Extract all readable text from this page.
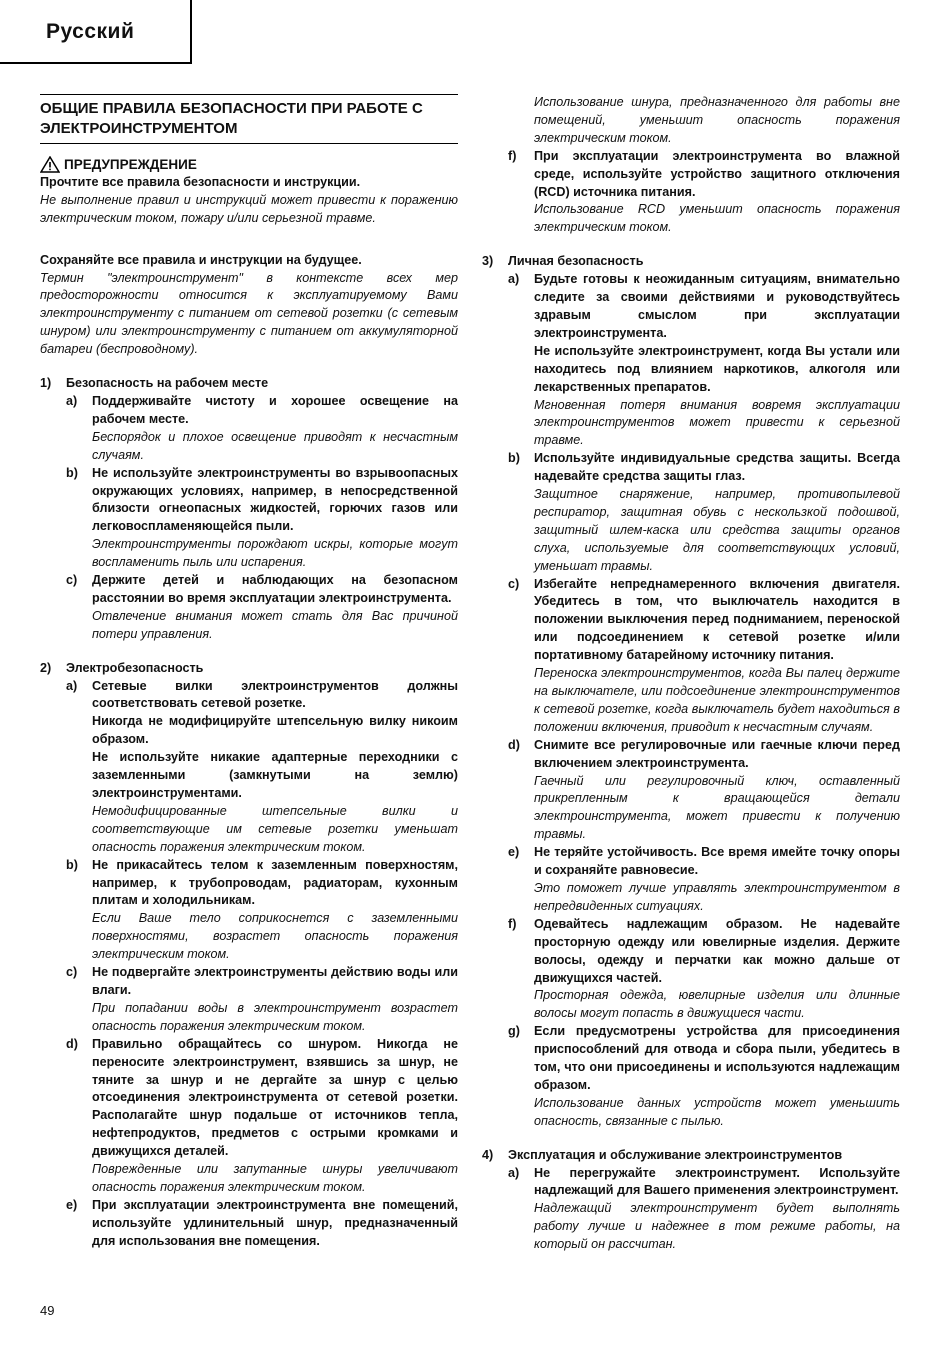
Русский
ОБЩИЕ ПРАВИЛА БЕЗОПАСНОСТИ ПРИ РАБОТЕ С ЭЛЕКТРОИНСТРУМЕНТОМ
ПРЕДУПРЕЖДЕНИЕ

Прочтите все правила безопасности и инструкции.

Не выполнение правил и инструкций может привести к поражению электрическим током, пожару и/или серьезной травме.

Сохраняйте все правила и инструкции на будущее.

Термин "электроинструмент" в контексте всех мер предосторожности относится к эксплуатируемому Вами электроинструменту с питанием от сетевой розетки (с сетевым шнуром) или электроинструменту с питанием от аккумуляторной батареи (беспроводному).

1)	Безопасность на рабочем месте
a)	Поддерживайте чистоту и хорошее освещение на рабочем месте.

Беспорядок и плохое освещение приводят к несчастным случаям.

b)	Не используйте электроинструменты во взрывоопасных окружающих условиях, например, в непосредственной близости огнеопасных жидкостей, горючих газов или легковоспламеняющейся пыли.

Электроинструменты порождают искры, которые могут воспламенить пыль или испарения.

c)	Держите детей и наблюдающих на безопасном расстоянии во время эксплуатации электроинструмента.

Отвлечение внимания может стать для Вас причиной потери управления.

2)	Электробезопасность
a)	Сетевые вилки электроинструментов должны соответствовать сетевой розетке.

Никогда не модифицируйте штепсельную вилку никоим образом.

Не используйте никакие адаптерные переходники с заземленными (замкнутыми на землю) электроинструментами.

Немодифицированные штепсельные вилки и соответствующие им сетевые розетки уменьшат опасность поражения электрическим током.

b)	Не прикасайтесь телом к заземленным поверхностям, например, к трубопроводам, радиаторам, кухонным плитам и холодильникам.

Если Ваше тело соприкоснется с заземленными поверхностями, возрастет опасность поражения электрическим током.

c)	Не подвергайте электроинструменты действию воды или влаги.

При попадании воды в электроинструмент возрастет опасность поражения электрическим током.

d)	Правильно обращайтесь со шнуром. Никогда не переносите электроинструмент, взявшись за шнур, не тяните за шнур и не дергайте за шнур с целью отсоединения электроинструмента от сетевой розетки. Располагайте шнур подальше от источников тепла, нефтепродуктов, предметов с острыми кромками и движущихся деталей.

Поврежденные или запутанные шнуры увеличивают опасность поражения электрическим током.

e)	При эксплуатации электроинструмента вне помещений, используйте удлинительный шнур, предназначенный для использования вне помещения.

Использование шнура, предназначенного для работы вне помещений, уменьшит опасность поражения электрическим током.

f)	При эксплуатации электроинструмента во влажной среде, используйте устройство защитного отключения (RCD) источника питания.

Использование RCD уменьшит опасность поражения электрическим током.

3)	Личная безопасность
a)	Будьте готовы к неожиданным ситуациям, внимательно следите за своими действиями и руководствуйтесь здравым смыслом при эксплуатации электроинструмента.

Не используйте электроинструмент, когда Вы устали или находитесь под влиянием наркотиков, алкоголя или лекарственных препаратов.

Мгновенная потеря внимания вовремя эксплуатации электроинструментов может привести к серьезной травме.

b)	Используйте индивидуальные средства защиты. Всегда надевайте средства защиты глаз.

Защитное снаряжение, например, противопылевой респиратор, защитная обувь с нескользкой подошвой, защитный шлем-каска или средства защиты органов слуха, используемые для соответствующих условий, уменьшат травмы.

c)	Избегайте непреднамеренного включения двигателя. Убедитесь в том, что выключатель находится в положении выключения перед подниманием, переноской или подсоединением к сетевой розетке и/или портативному батарейному источнику питания.

Переноска электроинструментов, когда Вы палец держите на выключателе, или подсоединение электроинструментов к сетевой розетке, когда выключатель будет находиться в положении включения, приводит к несчастным случаям.

d)	Снимите все регулировочные или гаечные ключи перед включением электроинструмента.

Гаечный или регулировочный ключ, оставленный прикрепленным к вращающейся детали электроинструмента, может привести к получению травмы.

e)	Не теряйте устойчивость. Все время имейте точку опоры и сохраняйте равновесие.

Это поможет лучше управлять электроинструментом в непредвиденных ситуациях.

f)	Одевайтесь надлежащим образом. Не надевайте просторную одежду или ювелирные изделия. Держите волосы, одежду и перчатки как можно дальше от движущихся частей.

Просторная одежда, ювелирные изделия или длинные волосы могут попасть в движущиеся части.

g)	Если предусмотрены устройства для присоединения приспособлений для отвода и сбора пыли, убедитесь в том, что они присоединены и используются надлежащим образом.

Использование данных устройств может уменьшить опасность, связанные с пылью.

4)	Эксплуатация и обслуживание электроинструментов
a)	Не перегружайте электроинструмент. Используйте надлежащий для Вашего применения электроинструмент.

Надлежащий электроинструмент будет выполнять работу лучше и надежнее в том режиме работы, на который он рассчитан.

49
